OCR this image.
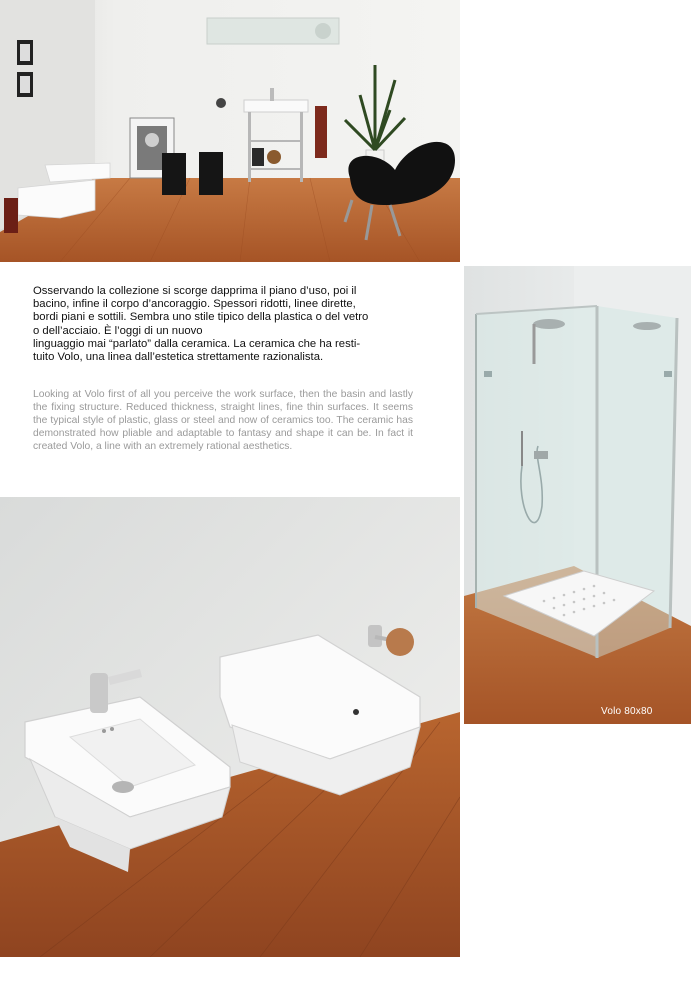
Osservando la collezione si scorge dapprima il piano d’uso, poi il
bacino, infine il corpo d’ancoraggio. Spessori ridotti, linee dirette,
bordi piani e sottili. Sembra uno stile tipico della plastica o del vetro
o dell’acciaio. È l’oggi di un nuovo
linguaggio mai “parlato” dalla ceramica. La ceramica che ha resti-
tuito Volo, una linea dall’estetica strettamente razionalista.

Looking at Volo first of all you perceive the work surface, then the basin and lastly the fixing structure. Reduced thickness, straight lines, fine thin surfaces. It seems the typical style of plastic, glass or steel and now of ceramics too. The ceramic has demonstrated how pliable and adaptable to fantasy and shape it can be. In fact it created Volo, a line with an extremely rational aesthetics.

Volo 80x80
